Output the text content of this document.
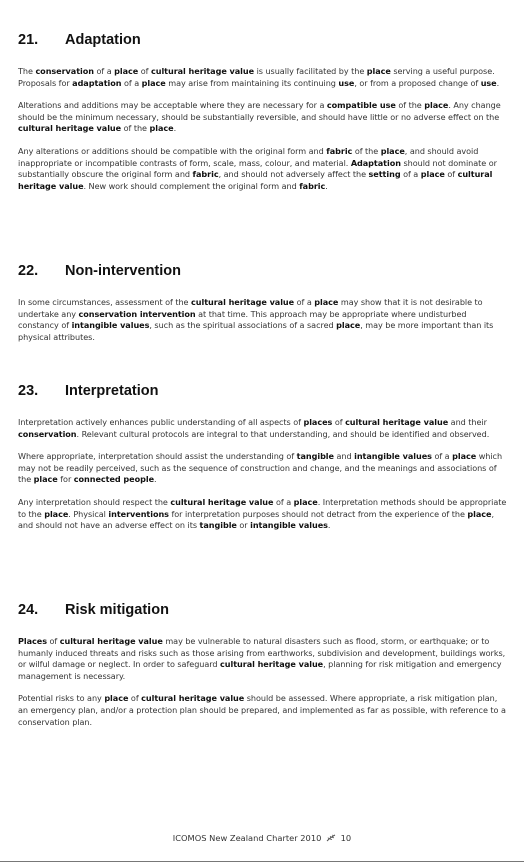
21. Adaptation

The conservation of a place of cultural heritage value is usually facilitated by the place serving a useful purpose. Proposals for adaptation of a place may arise from maintaining its continuing use, or from a proposed change of use.

Alterations and additions may be acceptable where they are necessary for a compatible use of the place. Any change should be the minimum necessary, should be substantially reversible, and should have little or no adverse effect on the cultural heritage value of the place.

Any alterations or additions should be compatible with the original form and fabric of the place, and should avoid inappropriate or incompatible contrasts of form, scale, mass, colour, and material. Adaptation should not dominate or substantially obscure the original form and fabric, and should not adversely affect the setting of a place of cultural heritage value. New work should complement the original form and fabric.

22. Non-intervention

In some circumstances, assessment of the cultural heritage value of a place may show that it is not desirable to undertake any conservation intervention at that time. This approach may be appropriate where undisturbed constancy of intangible values, such as the spiritual associations of a sacred place, may be more important than its physical attributes.

23. Interpretation

Interpretation actively enhances public understanding of all aspects of places of cultural heritage value and their conservation. Relevant cultural protocols are integral to that understanding, and should be identified and observed.

Where appropriate, interpretation should assist the understanding of tangible and intangible values of a place which may not be readily perceived, such as the sequence of construction and change, and the meanings and associations of the place for connected people.

Any interpretation should respect the cultural heritage value of a place. Interpretation methods should be appropriate to the place. Physical interventions for interpretation purposes should not detract from the experience of the place, and should not have an adverse effect on its tangible or intangible values.

24. Risk mitigation

Places of cultural heritage value may be vulnerable to natural disasters such as flood, storm, or earthquake; or to humanly induced threats and risks such as those arising from earthworks, subdivision and development, buildings works, or wilful damage or neglect. In order to safeguard cultural heritage value, planning for risk mitigation and emergency management is necessary.

Potential risks to any place of cultural heritage value should be assessed. Where appropriate, a risk mitigation plan, an emergency plan, and/or a protection plan should be prepared, and implemented as far as possible, with reference to a conservation plan.

ICOMOS New Zealand Charter 2010 10
